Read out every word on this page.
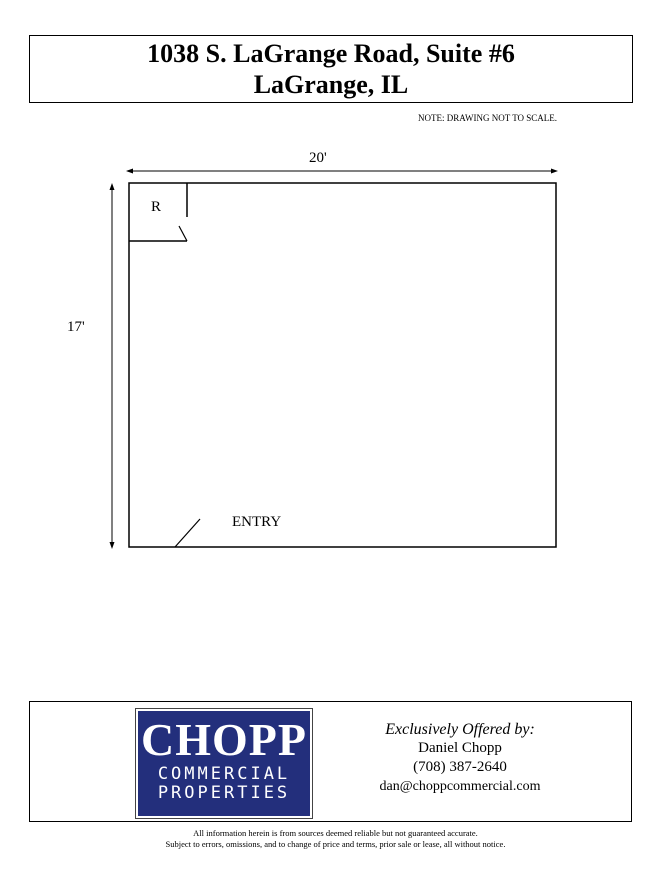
1038 S. LaGrange Road, Suite #6
LaGrange, IL
NOTE: DRAWING NOT TO SCALE.
20'
17'
R
ENTRY
CHOPP
COMMERCIAL
PROPERTIES
Exclusively Offered by:
Daniel Chopp
(708) 387-2640
dan@choppcommercial.com
All information herein is from sources deemed reliable but not guaranteed accurate.
Subject to errors, omissions, and to change of price and terms, prior sale or lease, all without notice.
